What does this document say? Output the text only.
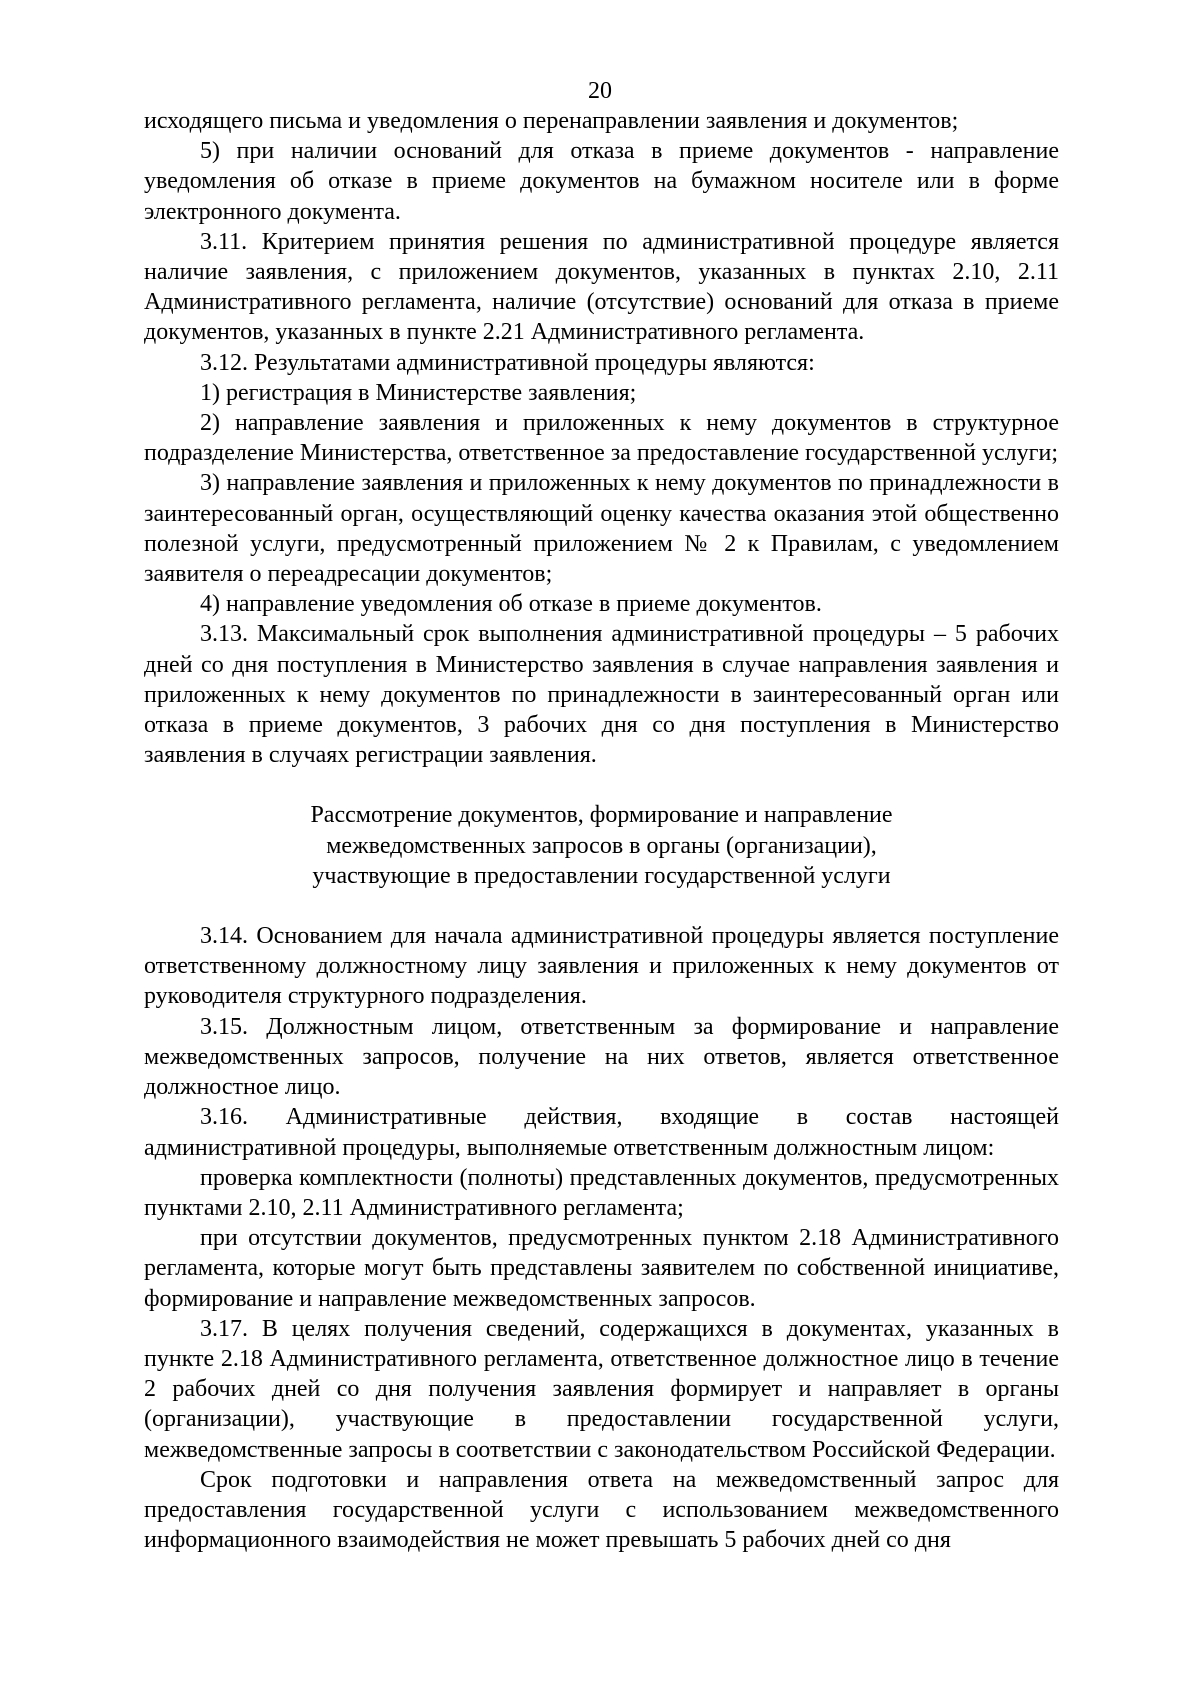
20

исходящего письма и уведомления о перенаправлении заявления и документов;

5) при наличии оснований для отказа в приеме документов - направление уведомления об отказе в приеме документов на бумажном носителе или в форме электронного документа.

3.11. Критерием принятия решения по административной процедуре является наличие заявления, с приложением документов, указанных в пунктах 2.10, 2.11 Административного регламента, наличие (отсутствие) оснований для отказа в приеме документов, указанных в пункте 2.21 Административного регламента.

3.12. Результатами административной процедуры являются:

1) регистрация в Министерстве заявления;

2) направление заявления и приложенных к нему документов в структурное подразделение Министерства, ответственное за предоставление государственной услуги;

3) направление заявления и приложенных к нему документов по принадлежности в заинтересованный орган, осуществляющий оценку качества оказания этой общественно полезной услуги, предусмотренный приложением № 2 к Правилам, с уведомлением заявителя о переадресации документов;

4) направление уведомления об отказе в приеме документов.

3.13. Максимальный срок выполнения административной процедуры – 5 рабочих дней со дня поступления в Министерство заявления в случае направления заявления и приложенных к нему документов по принадлежности в заинтересованный орган или отказа в приеме документов, 3 рабочих дня со дня поступления в Министерство заявления в случаях регистрации заявления.

Рассмотрение документов, формирование и направление
межведомственных запросов в органы (организации),
участвующие в предоставлении государственной услуги

3.14. Основанием для начала административной процедуры является поступление ответственному должностному лицу заявления и приложенных к нему документов от руководителя структурного подразделения.

3.15. Должностным лицом, ответственным за формирование и направление межведомственных запросов, получение на них ответов, является ответственное должностное лицо.

3.16. Административные действия, входящие в состав настоящей административной процедуры, выполняемые ответственным должностным лицом:

проверка комплектности (полноты) представленных документов, предусмотренных пунктами 2.10, 2.11 Административного регламента;

при отсутствии документов, предусмотренных пунктом 2.18 Административного регламента, которые могут быть представлены заявителем по собственной инициативе, формирование и направление межведомственных запросов.

3.17. В целях получения сведений, содержащихся в документах, указанных в пункте 2.18 Административного регламента, ответственное должностное лицо в течение 2 рабочих дней со дня получения заявления формирует и направляет в органы (организации), участвующие в предоставлении государственной услуги, межведомственные запросы в соответствии с законодательством Российской Федерации.

Срок подготовки и направления ответа на межведомственный запрос для предоставления государственной услуги с использованием межведомственного информационного взаимодействия не может превышать 5 рабочих дней со дня
